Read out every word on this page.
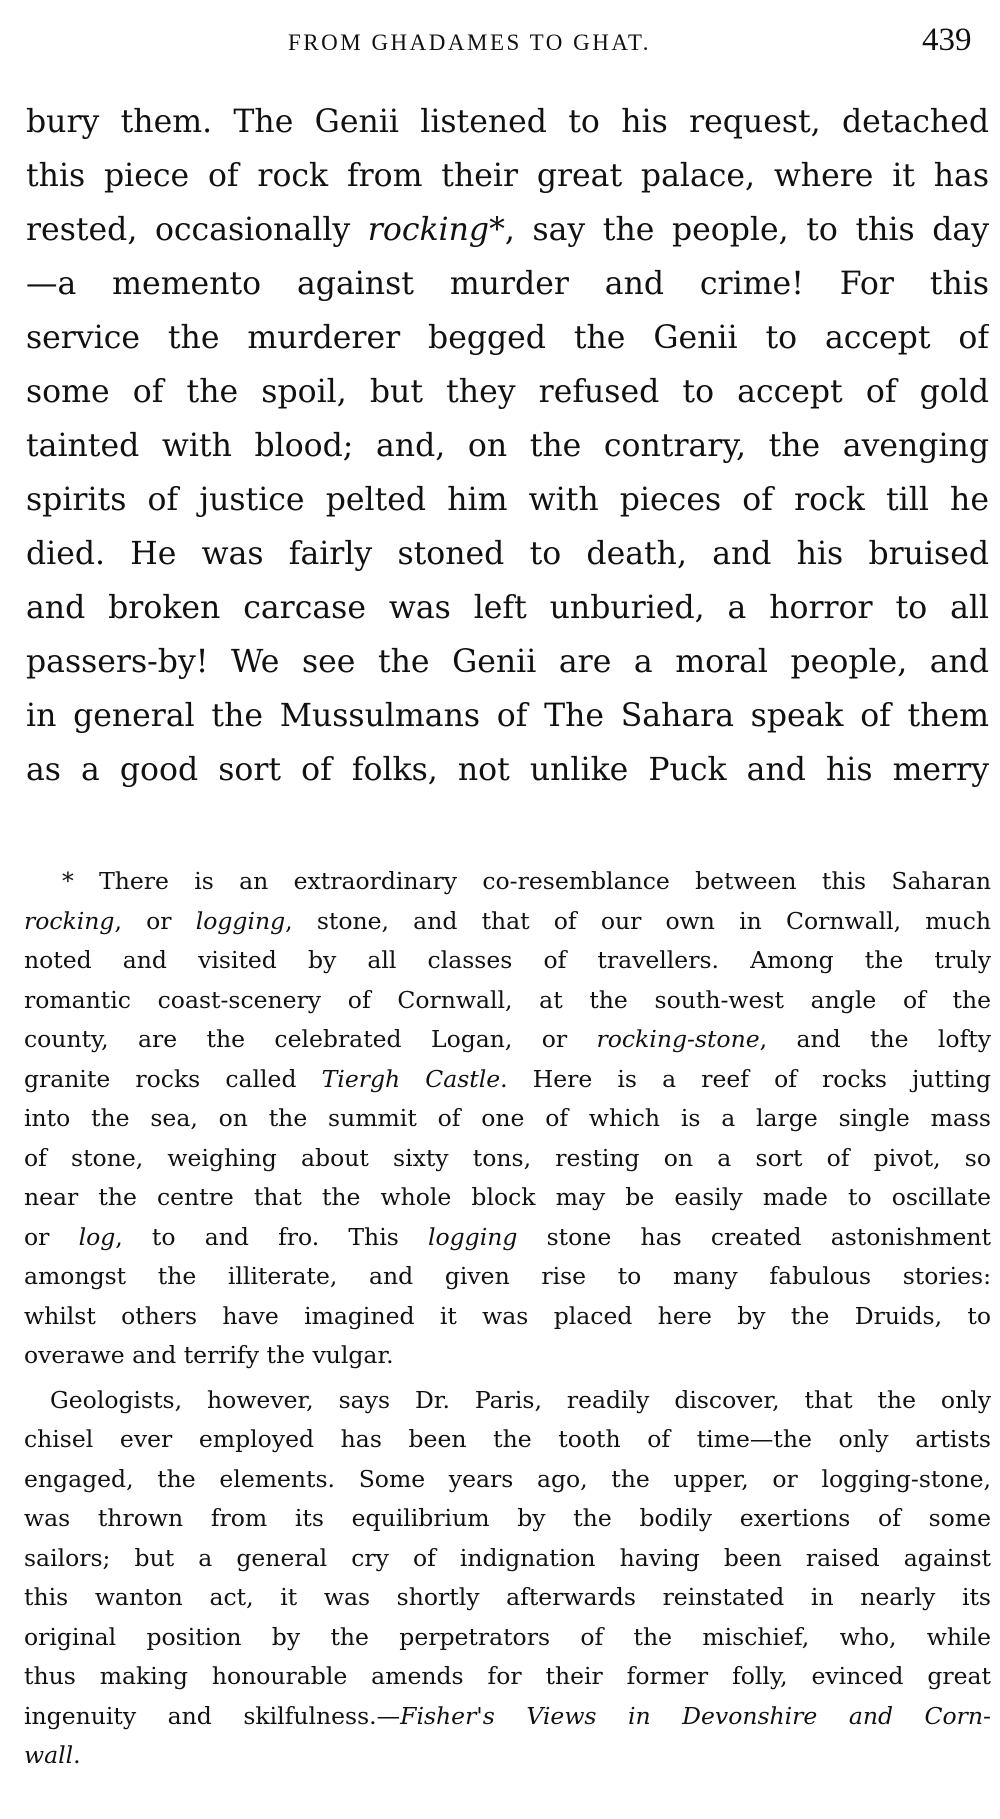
FROM GHADAMES TO GHAT.	439
bury them. The Genii listened to his request, detached
this piece of rock from their great palace, where it has
rested, occasionally rocking*, say the people, to this day
—a memento against murder and crime! For this
service the murderer begged the Genii to accept of
some of the spoil, but they refused to accept of gold
tainted with blood; and, on the contrary, the avenging
spirits of justice pelted him with pieces of rock till he
died. He was fairly stoned to death, and his bruised
and broken carcase was left unburied, a horror to all
passers-by! We see the Genii are a moral people, and
in general the Mussulmans of The Sahara speak of them
as a good sort of folks, not unlike Puck and his merry
* There is an extraordinary co-resemblance between this Saharan
rocking, or logging, stone, and that of our own in Cornwall, much
noted and visited by all classes of travellers. Among the truly
romantic coast-scenery of Cornwall, at the south-west angle of the
county, are the celebrated Logan, or rocking-stone, and the lofty
granite rocks called Tiergh Castle. Here is a reef of rocks jutting
into the sea, on the summit of one of which is a large single mass
of stone, weighing about sixty tons, resting on a sort of pivot, so
near the centre that the whole block may be easily made to oscillate
or log, to and fro. This logging stone has created astonishment
amongst the illiterate, and given rise to many fabulous stories:
whilst others have imagined it was placed here by the Druids, to
overawe and terrify the vulgar.
Geologists, however, says Dr. Paris, readily discover, that the only
chisel ever employed has been the tooth of time—the only artists
engaged, the elements. Some years ago, the upper, or logging-stone,
was thrown from its equilibrium by the bodily exertions of some
sailors; but a general cry of indignation having been raised against
this wanton act, it was shortly afterwards reinstated in nearly its
original position by the perpetrators of the mischief, who, while
thus making honourable amends for their former folly, evinced great
ingenuity and skilfulness.—Fisher's Views in Devonshire and Corn-
wall.
